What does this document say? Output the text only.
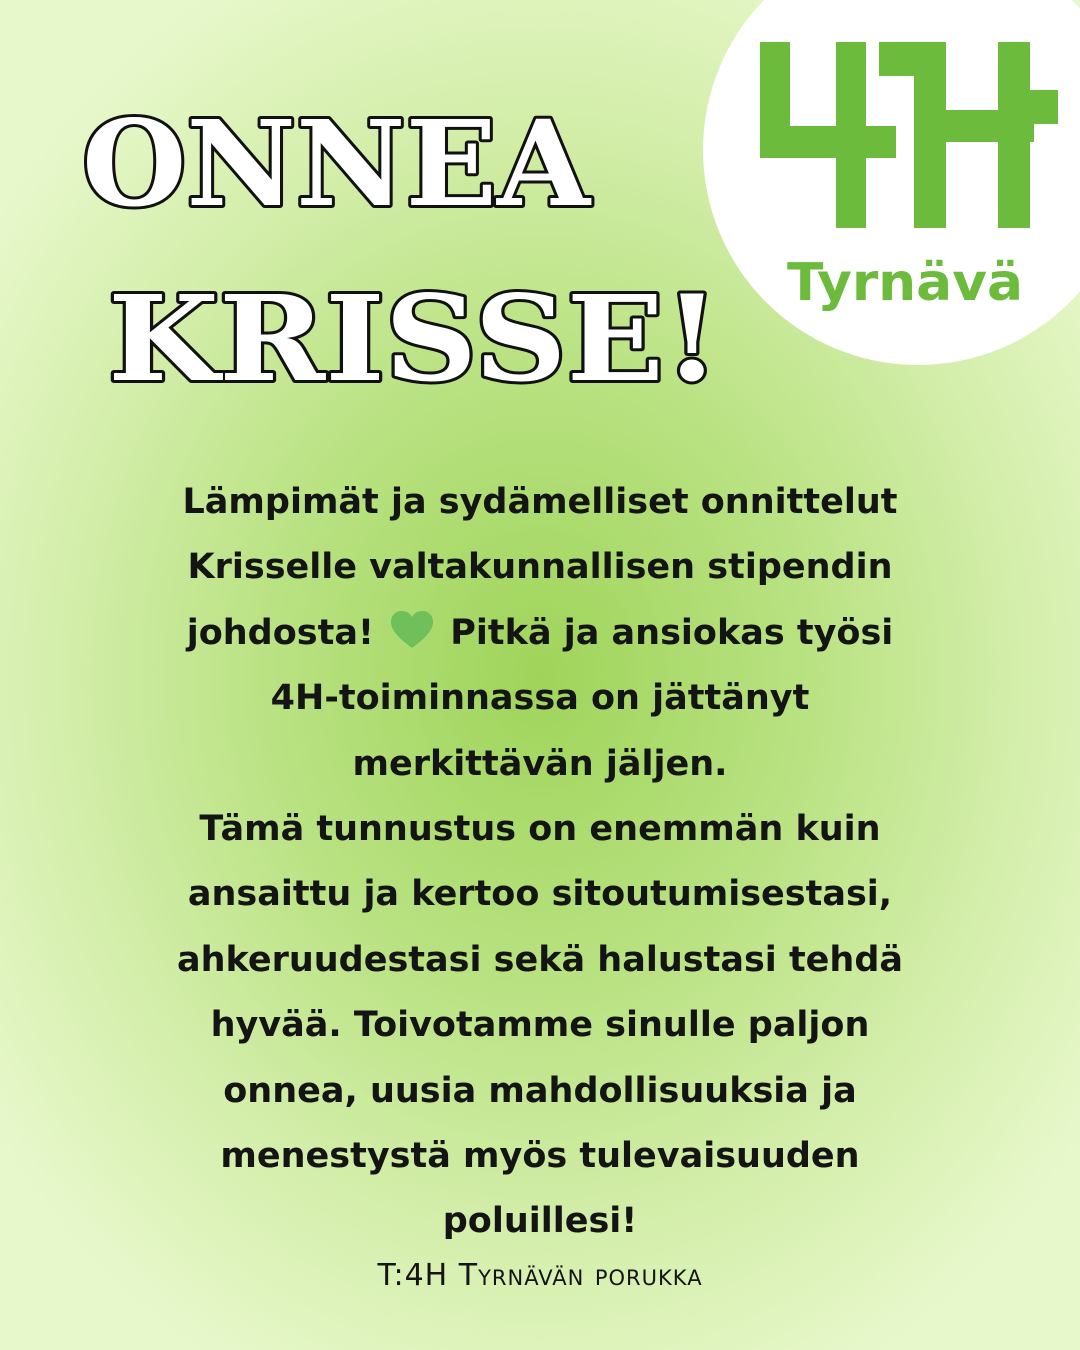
Tyrnävä
ONNEA
KRISSE!
Lämpimät ja sydämelliset onnittelut
Krisselle valtakunnallisen stipendin
johdosta! Pitkä ja ansiokas työsi
4H-toiminnassa on jättänyt
merkittävän jäljen.
Tämä tunnustus on enemmän kuin
ansaittu ja kertoo sitoutumisestasi,
ahkeruudestasi sekä halustasi tehdä
hyvää. Toivotamme sinulle paljon
onnea, uusia mahdollisuuksia ja
menestystä myös tulevaisuuden
poluillesi!
T:4H Tyrnävän porukka
